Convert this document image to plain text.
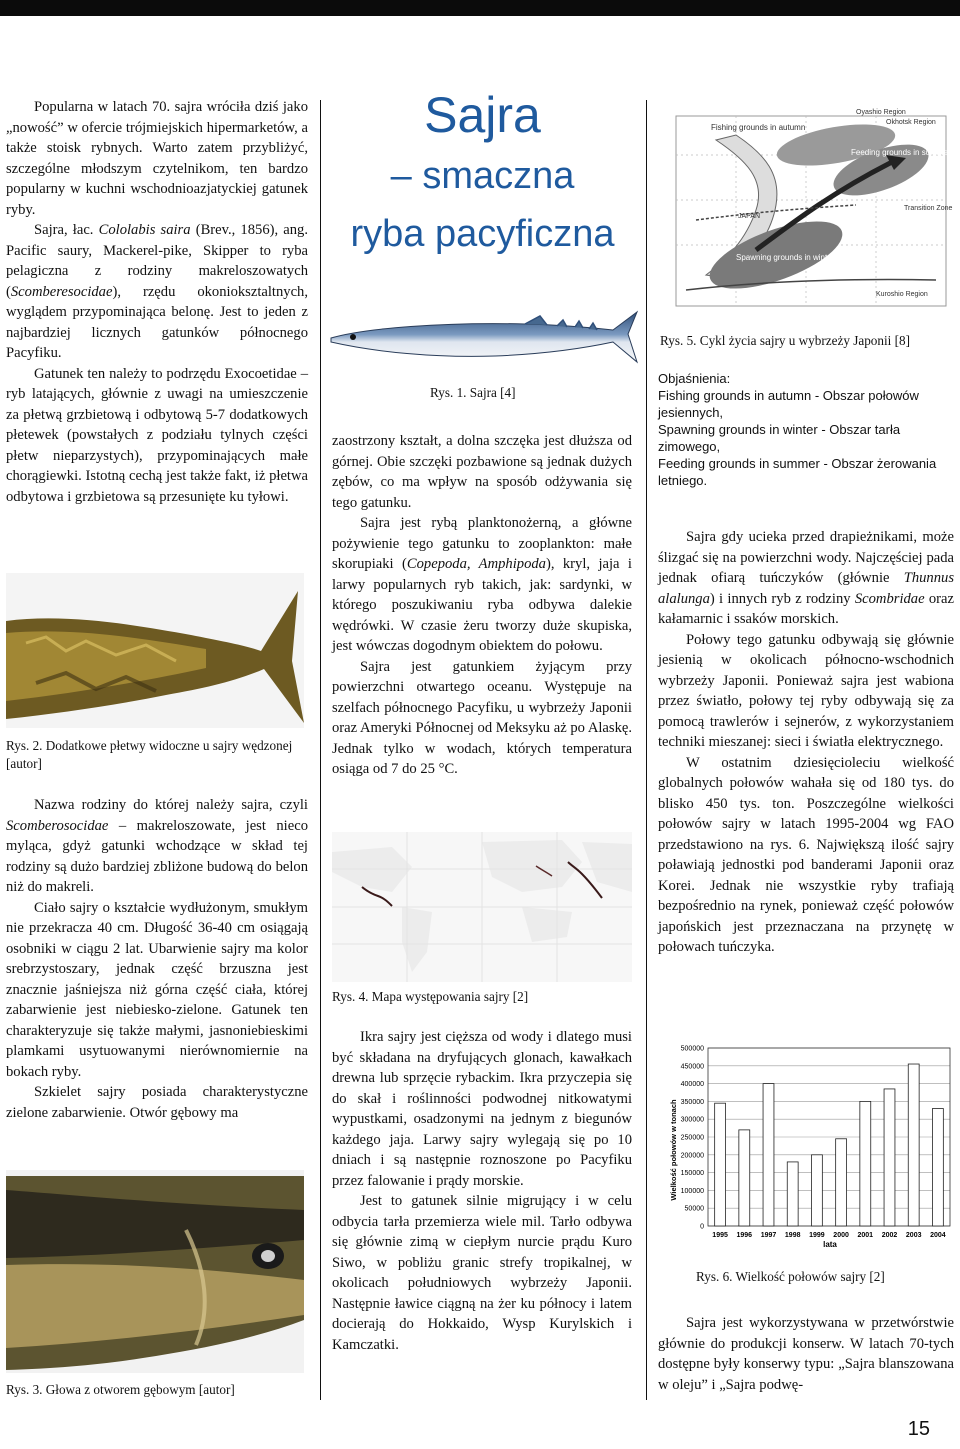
Popularna w latach 70. sajra wróciła dziś jako „nowość” w ofercie trójmiejskich hipermarketów, a także stoisk rybnych. Warto zatem przybliżyć, szczególne młodszym czytelnikom, ten bardzo popularny w kuchni wschodnioazjatyckiej gatunek ryby.

Sajra, łac. Cololabis saira (Brev., 1856), ang. Pacific saury, Mackerel-pike, Skipper to ryba pelagiczna z rodziny makreloszowatych (Scomberesocidae), rzędu okonioksztaltnych, wyglądem przypominająca belonę. Jest to jeden z najbardziej licznych gatunków północnego Pacyfiku.

Gatunek ten należy to podrzędu Exocoetidae – ryb latających, głównie z uwagi na umieszczenie za płetwą grzbietową i odbytową 5-7 dodatkowych płetewek (powstałych z podziału tylnych części płetw nieparzystych), przypominających małe chorągiewki. Istotną cechą jest także fakt, iż płetwa odbytowa i grzbietowa są przesunięte ku tyłowi.

Rys. 2. Dodatkowe płetwy widoczne u sajry wędzonej [autor]

Nazwa rodziny do której należy sajra, czyli Scomberosocidae – makreloszowate, jest nieco myląca, gdyż gatunki wchodzące w skład tej rodziny są dużo bardziej zbliżone budową do belon niż do makreli.

Ciało sajry o kształcie wydłużonym, smukłym nie przekracza 40 cm. Długość 36-40 cm osiągają osobniki w ciągu 2 lat. Ubarwienie sajry ma kolor srebrzystoszary, jednak część brzuszna jest znacznie jaśniejsza niż górna część ciała, której zabarwienie jest niebiesko-zielone. Gatunek ten charakteryzuje się także małymi, jasnoniebieskimi plamkami usytuowanymi nierównomiernie na bokach ryby.

Szkielet sajry posiada charakterystyczne zielone zabarwienie. Otwór gębowy ma

Rys. 3. Głowa z otworem gębowym [autor]
Sajra
– smaczna
ryba pacyficzna
Rys. 1. Sajra [4]

zaostrzony kształt, a dolna szczęka jest dłuższa od górnej. Obie szczęki pozbawione są jednak dużych zębów, co ma wpływ na sposób odżywania się tego gatunku.

Sajra jest rybą planktonożerną, a główne pożywienie tego gatunku to zooplankton: małe skorupiaki (Copepoda, Amphipoda), kryl, jaja i larwy popularnych ryb takich, jak: sardynki, w którego poszukiwaniu ryba odbywa dalekie wędrówki. W czasie żeru tworzy duże skupiska, jest wówczas dogodnym obiektem do połowu.

Sajra jest gatunkiem żyjącym przy powierzchni otwartego oceanu. Występuje na szelfach północnego Pacyfiku, u wybrzeży Japonii oraz Ameryki Północnej od Meksyku aż po Alaskę. Jednak tylko w wodach, których temperatura osiąga od 7 do 25 °C.

Rys. 4. Mapa występowania sajry [2]

Ikra sajry jest cięższa od wody i dlatego musi być składana na dryfujących glonach, kawałkach drewna lub sprzęcie rybackim. Ikra przyczepia się do skał i roślinności podwodnej nitkowatymi wypustkami, osadzonymi na jednym z biegunów każdego jaja. Larwy sajry wylegają się po 10 dniach i są następnie roznoszone po Pacyfiku przez falowanie i prądy morskie.

Jest to gatunek silnie migrujący i w celu odbycia tarła przemierza wiele mil. Tarło odbywa się głównie zimą w ciepłym nurcie prądu Kuro Siwo, w pobliżu granic strefy tropikalnej, w okolicach południowych wybrzeży Japonii. Następnie ławice ciągną na żer ku północy i latem docierają do Hokkaido, Wysp Kurylskich i Kamczatki.

Fishing grounds in autumn
Feeding grounds in summer
Okhotsk Region
Oyashio Region
JAPAN
Spawning grounds in winter
Kuroshio Region
Transition Zone
Rys. 5. Cykl życia sajry u wybrzeży Japonii [8]
Objaśnienia:
Fishing grounds in autumn - Obszar połowów jesiennych,
Spawning grounds in winter - Obszar tarła zimowego,
Feeding grounds in summer - Obszar żerowania letniego.

Sajra gdy ucieka przed drapieżnikami, może ślizgać się na powierzchni wody. Najczęściej pada jednak ofiarą tuńczyków (głównie Thunnus alalunga) i innych ryb z rodziny Scombridae oraz kałamarnic i ssaków morskich.

Połowy tego gatunku odbywają się głównie jesienią w okolicach północno-wschodnich wybrzeży Japonii. Ponieważ sajra jest wabiona przez światło, połowy tej ryby odbywają się za pomocą trawlerów i sejnerów, z wykorzystaniem techniki mieszanej: sieci i światła elektrycznego.

W ostatnim dziesięcioleciu wielkość globalnych połowów wahała się od 180 tys. do blisko 450 tys. ton. Poszczególne wielkości połowów sajry w latach 1995-2004 wg FAO przedstawiono na rys. 6. Największą ilość sajry poławiają jednostki pod banderami Japonii oraz Korei. Jednak nie wszystkie ryby trafiają bezpośrednio na rynek, ponieważ część połowów japońskich jest przeznaczana na przynętę w połowach tuńczyka.

0
50000
100000
150000
200000
250000
300000
350000
400000
450000
500000
1995 1996 1997 1998 1999 2000 2001 2002 2003 2004
Wielkość połowów w tonach
lata
Rys. 6. Wielkość połowów sajry [2]

Sajra jest wykorzystywana w przetwórstwie głównie do produkcji konserw. W latach 70-tych dostępne były konserwy typu: „Sajra blanszowana w oleju” i „Sajra podwę-

15
